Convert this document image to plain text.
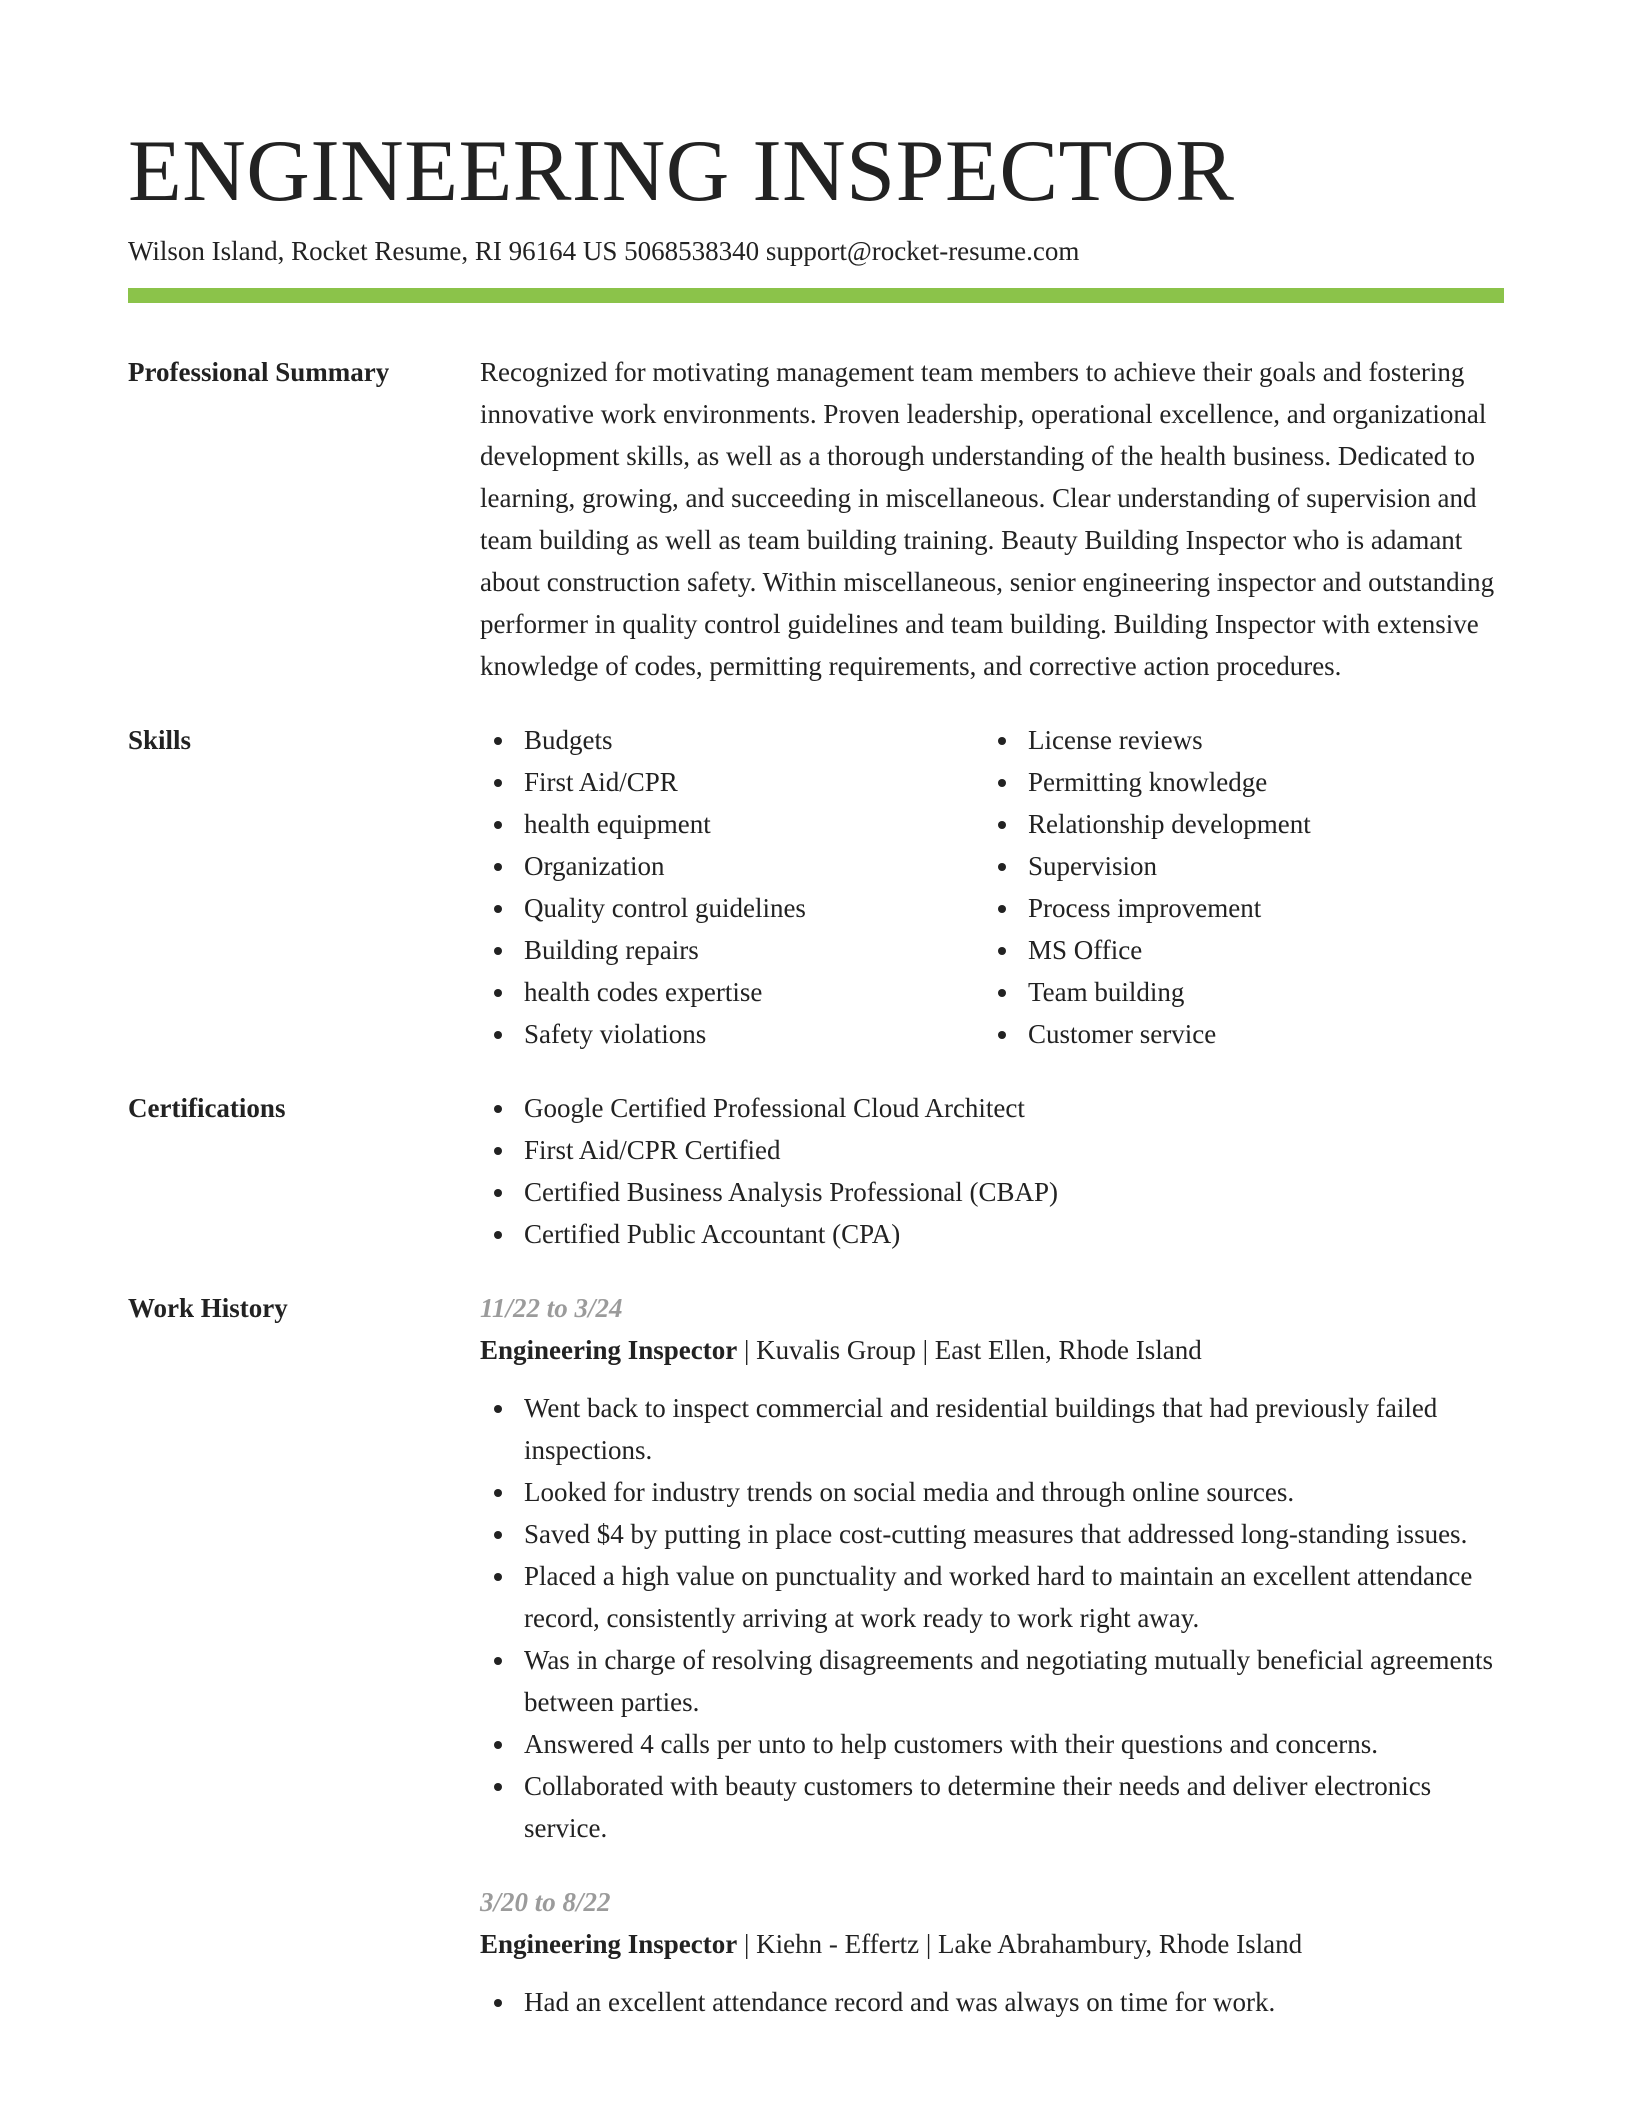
ENGINEERING INSPECTOR
Wilson Island, Rocket Resume, RI 96164 US 5068538340 support@rocket-resume.com
Professional Summary	Recognized for motivating management team members to achieve their goals and fostering innovative work environments. Proven leadership, operational excellence, and organizational development skills, as well as a thorough understanding of the health business. Dedicated to learning, growing, and succeeding in miscellaneous. Clear understanding of supervision and team building as well as team building training. Beauty Building Inspector who is adamant about construction safety. Within miscellaneous, senior engineering inspector and outstanding performer in quality control guidelines and team building. Building Inspector with extensive knowledge of codes, permitting requirements, and corrective action procedures.
Skills	Budgets
First Aid/CPR
health equipment
Organization
Quality control guidelines
Building repairs
health codes expertise
Safety violations
License reviews
Permitting knowledge
Relationship development
Supervision
Process improvement
MS Office
Team building
Customer service
Certifications	Google Certified Professional Cloud Architect
First Aid/CPR Certified
Certified Business Analysis Professional (CBAP)
Certified Public Accountant (CPA)
Work History	11/22 to 3/24
Engineering Inspector | Kuvalis Group | East Ellen, Rhode Island
Went back to inspect commercial and residential buildings that had previously failed inspections.
Looked for industry trends on social media and through online sources.
Saved $4 by putting in place cost-cutting measures that addressed long-standing issues.
Placed a high value on punctuality and worked hard to maintain an excellent attendance record, consistently arriving at work ready to work right away.
Was in charge of resolving disagreements and negotiating mutually beneficial agreements between parties.
Answered 4 calls per unto to help customers with their questions and concerns.
Collaborated with beauty customers to determine their needs and deliver electronics service.
3/20 to 8/22
Engineering Inspector | Kiehn - Effertz | Lake Abrahambury, Rhode Island
Had an excellent attendance record and was always on time for work.
